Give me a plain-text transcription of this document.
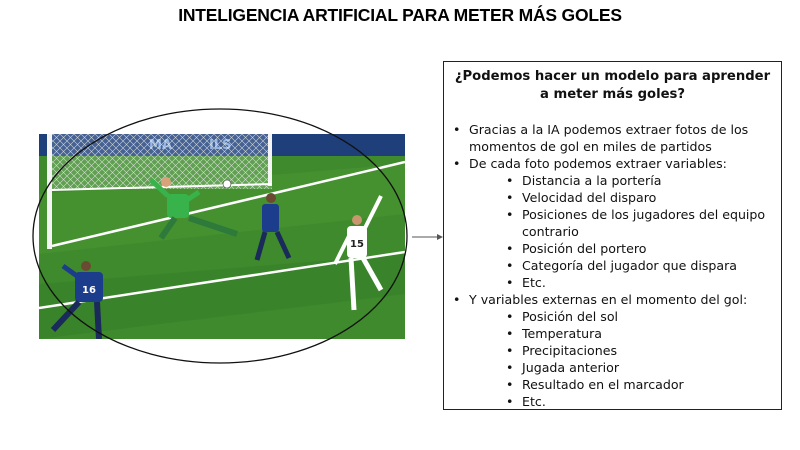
INTELIGENCIA ARTIFICIAL PARA METER MÁS GOLES
15
16
¿Podemos hacer un modelo para aprender a meter más goles?
• Gracias a la IA podemos extraer fotos de los momentos de gol en miles de partidos
• De cada foto podemos extraer variables:
• Distancia a la portería
• Velocidad del disparo
• Posiciones de los jugadores del equipo contrario
• Posición del portero
• Categoría del jugador que dispara
• Etc.
• Y variables externas en el momento del gol:
• Posición del sol
• Temperatura
• Precipitaciones
• Jugada anterior
• Resultado en el marcador
• Etc.
